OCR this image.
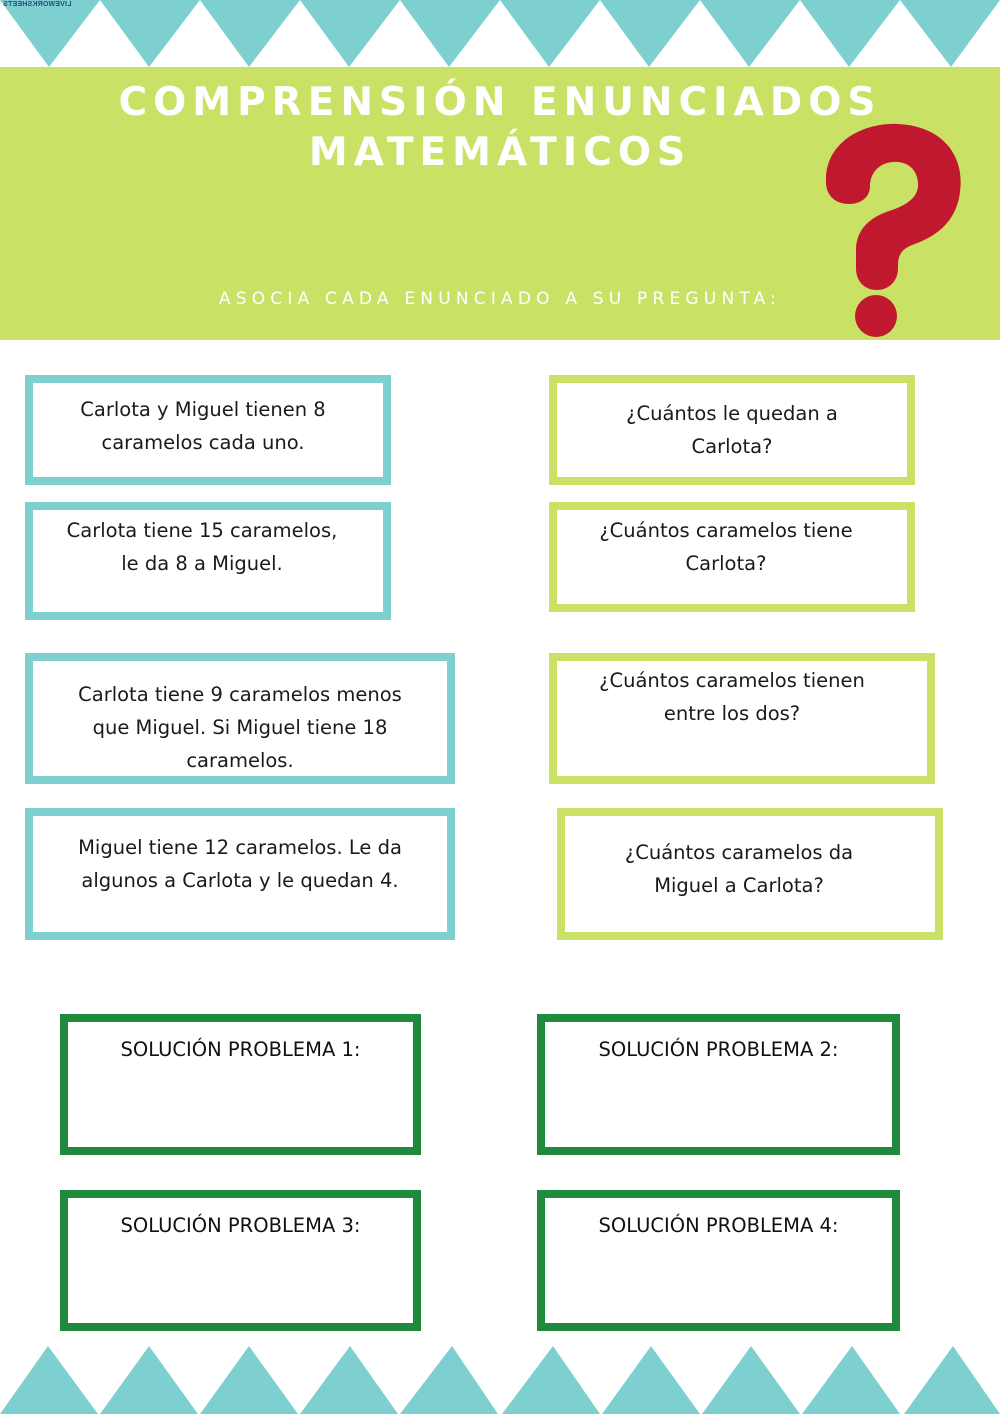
LIVEWORKSHEETS
COMPRENSIÓN ENUNCIADOS
MATEMÁTICOS
ASOCIA CADA ENUNCIADO A SU PREGUNTA:
Carlota y Miguel tienen 8
caramelos cada uno.
Carlota tiene 15 caramelos,
le da 8 a Miguel.
Carlota tiene 9 caramelos menos
que Miguel. Si Miguel tiene 18
caramelos.
Miguel tiene 12 caramelos. Le da
algunos a Carlota y le quedan 4.
¿Cuántos le quedan a
Carlota?
¿Cuántos caramelos tiene
Carlota?
¿Cuántos caramelos tienen
entre los dos?
¿Cuántos caramelos da
Miguel a Carlota?
SOLUCIÓN PROBLEMA 1:	SOLUCIÓN PROBLEMA 2:
SOLUCIÓN PROBLEMA 3:	SOLUCIÓN PROBLEMA 4:
